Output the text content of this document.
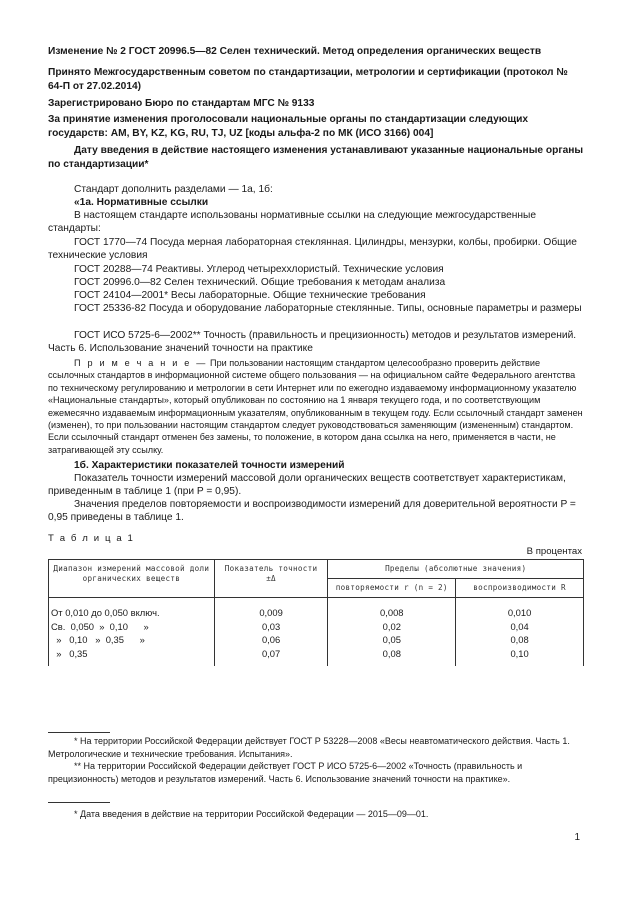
Изменение № 2 ГОСТ 20996.5—82 Селен технический. Метод определения органических веществ

Принято Межгосударственным советом по стандартизации, метрологии и сертификации (протокол № 64-П от 27.02.2014)

Зарегистрировано Бюро по стандартам МГС № 9133

За принятие изменения проголосовали национальные органы по стандартизации следующих государств: AM, BY, KZ, KG, RU, TJ, UZ [коды альфа-2 по МК (ИСО 3166) 004]

Дату введения в действие настоящего изменения устанавливают указанные национальные органы по стандартизации*

Стандарт дополнить разделами — 1а, 1б:

«1а. Нормативные ссылки

В настоящем стандарте использованы нормативные ссылки на следующие межгосударственные стандарты:

ГОСТ 1770—74 Посуда мерная лабораторная стеклянная. Цилиндры, мензурки, колбы, пробирки. Общие технические условия

ГОСТ 20288—74 Реактивы. Углерод четыреххлористый. Технические условия

ГОСТ 20996.0—82 Селен технический. Общие требования к методам анализа

ГОСТ 24104—2001* Весы лабораторные. Общие технические требования

ГОСТ 25336-82 Посуда и оборудование лабораторные стеклянные. Типы, основные параметры и размеры

ГОСТ ИСО 5725-6—2002** Точность (правильность и прецизионность) методов и результатов измерений. Часть 6. Использование значений точности на практике

П р и м е ч а н и е — При пользовании настоящим стандартом целесообразно проверить действие ссылочных стандартов в информационной системе общего пользования — на официальном сайте Федерального агентства по техническому регулированию и метрологии в сети Интернет или по ежегодно издаваемому информационному указателю «Национальные стандарты», который опубликован по состоянию на 1 января текущего года, и по соответствующим ежемесячно издаваемым информационным указателям, опубликованным в текущем году. Если ссылочный стандарт заменен (изменен), то при пользовании настоящим стандартом следует руководствоваться заменяющим (измененным) стандартом. Если ссылочный стандарт отменен без замены, то положение, в котором дана ссылка на него, применяется в части, не затрагивающей эту ссылку.

1б. Характеристики показателей точности измерений

Показатель точности измерений массовой доли органических веществ соответствует характеристикам, приведенным в таблице 1 (при P = 0,95).

Значения пределов повторяемости и воспроизводимости измерений для доверительной вероятности P = 0,95 приведены в таблице 1.

Т а б л и ц а 1
В процентах
Диапазон измерений массовой доли органических веществ	Показатель точности ±Δ	Пределы (абсолютные значения)	
		повторяемости r (n = 2)	воспроизводимости R
От 0,010 до 0,050 включ.	0,009	0,008	0,010
Св.  0,050  »  0,10      »	0,03	0,02	0,04
»   0,10   »  0,35      »	0,06	0,05	0,08
»   0,35	0,07	0,08	0,10

* На территории Российской Федерации действует ГОСТ Р 53228—2008 «Весы неавтоматического действия. Часть 1. Метрологические и технические требования. Испытания».

** На территории Российской Федерации действует ГОСТ Р ИСО 5725-6—2002 «Точность (правильность и прецизионность) методов и результатов измерений. Часть 6. Использование значений точности на практике».

* Дата введения в действие на территории Российской Федерации — 2015—09—01.

1
